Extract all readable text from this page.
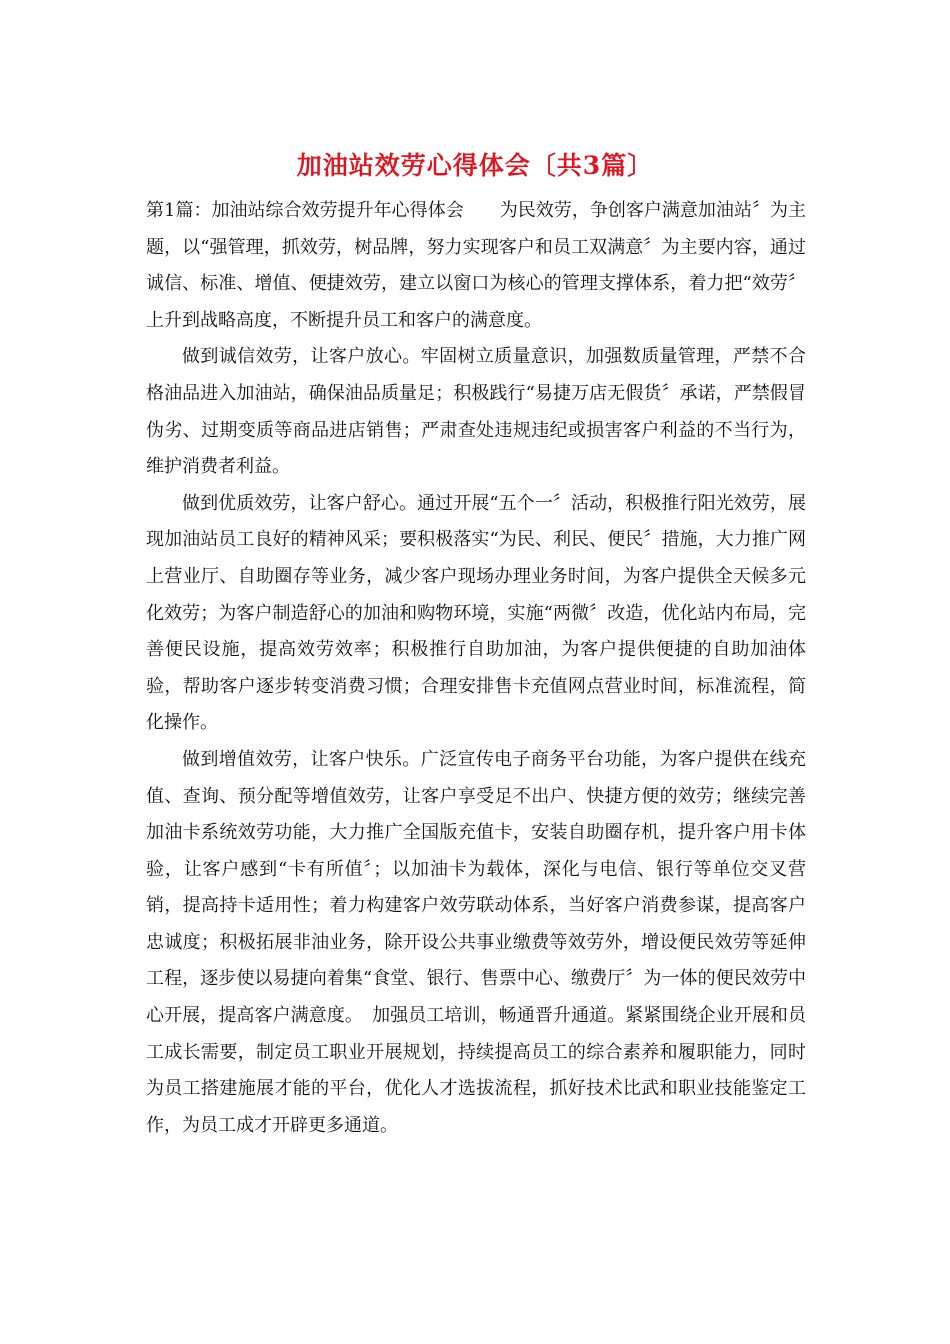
加油站效劳心得体会〔共3篇〕

第1篇：加油站综合效劳提升年心得体会　　为民效劳，争创客户满意加油站〞为主题，以“强管理，抓效劳，树品牌，努力实现客户和员工双满意〞为主要内容，通过诚信、标准、增值、便捷效劳，建立以窗口为核心的管理支撑体系，着力把“效劳〞上升到战略高度，不断提升员工和客户的满意度。

做到诚信效劳，让客户放心。牢固树立质量意识，加强数质量管理，严禁不合格油品进入加油站，确保油品质量足；积极践行“易捷万店无假货〞承诺，严禁假冒伪劣、过期变质等商品进店销售；严肃查处违规违纪或损害客户利益的不当行为，维护消费者利益。

做到优质效劳，让客户舒心。通过开展“五个一〞活动，积极推行阳光效劳，展现加油站员工良好的精神风采；要积极落实“为民、利民、便民〞措施，大力推广网上营业厅、自助圈存等业务，减少客户现场办理业务时间，为客户提供全天候多元化效劳；为客户制造舒心的加油和购物环境，实施“两微〞改造，优化站内布局，完善便民设施，提高效劳效率；积极推行自助加油，为客户提供便捷的自助加油体验，帮助客户逐步转变消费习惯；合理安排售卡充值网点营业时间，标准流程，简化操作。

做到增值效劳，让客户快乐。广泛宣传电子商务平台功能，为客户提供在线充值、查询、预分配等增值效劳，让客户享受足不出户、快捷方便的效劳；继续完善加油卡系统效劳功能，大力推广全国版充值卡，安装自助圈存机，提升客户用卡体验，让客户感到“卡有所值〞；以加油卡为载体，深化与电信、银行等单位交叉营销，提高持卡适用性；着力构建客户效劳联动体系，当好客户消费参谋，提高客户忠诚度；积极拓展非油业务，除开设公共事业缴费等效劳外，增设便民效劳等延伸工程，逐步使以易捷向着集“食堂、银行、售票中心、缴费厅〞为一体的便民效劳中心开展，提高客户满意度。　加强员工培训，畅通晋升通道。紧紧围绕企业开展和员工成长需要，制定员工职业开展规划，持续提高员工的综合素养和履职能力，同时为员工搭建施展才能的平台，优化人才选拔流程，抓好技术比武和职业技能鉴定工作，为员工成才开辟更多通道。
